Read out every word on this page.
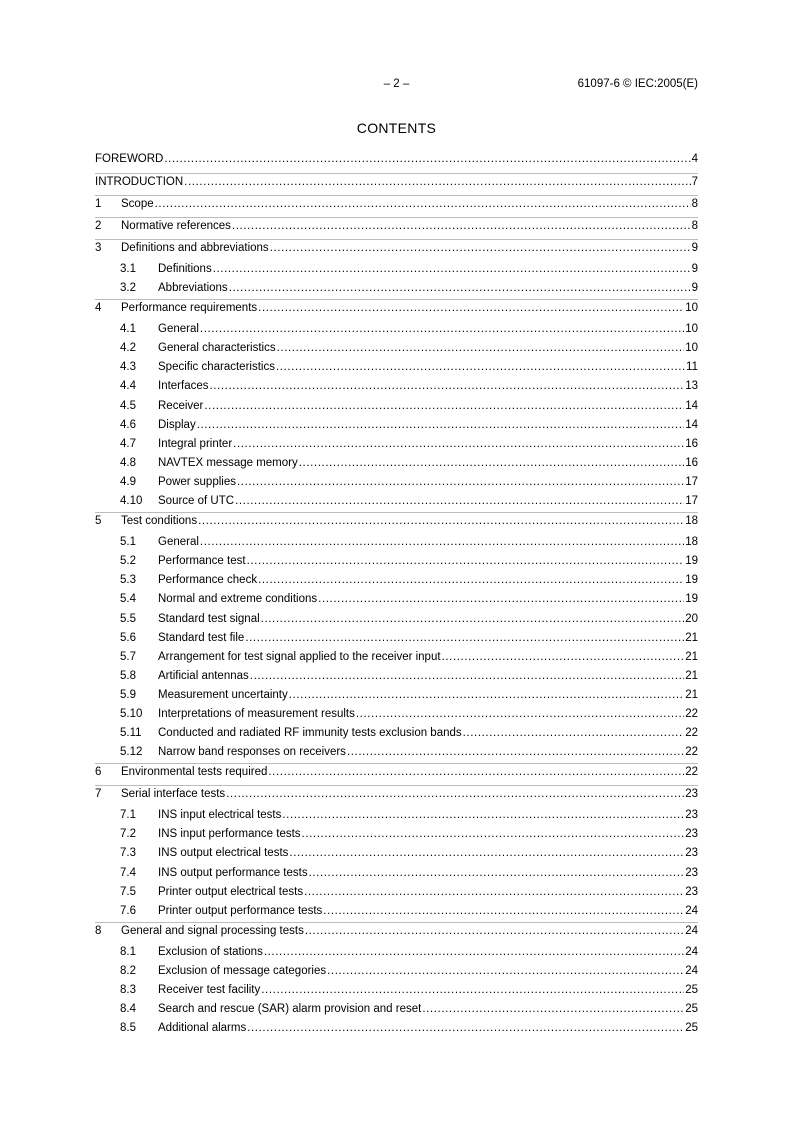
– 2 –	61097-6 © IEC:2005(E)
CONTENTS
FOREWORD .....	4
INTRODUCTION .....	7
1	Scope .....	8
2	Normative references .....	8
3	Definitions and abbreviations .....	9
3.1	Definitions .....	9
3.2	Abbreviations .....	9
4	Performance requirements .....	10
4.1	General .....	10
4.2	General characteristics .....	10
4.3	Specific characteristics .....	11
4.4	Interfaces .....	13
4.5	Receiver .....	14
4.6	Display .....	14
4.7	Integral printer .....	16
4.8	NAVTEX message memory .....	16
4.9	Power supplies .....	17
4.10	Source of UTC .....	17
5	Test conditions .....	18
5.1	General .....	18
5.2	Performance test .....	19
5.3	Performance check .....	19
5.4	Normal and extreme conditions .....	19
5.5	Standard test signal .....	20
5.6	Standard test file .....	21
5.7	Arrangement for test signal applied to the receiver input .....	21
5.8	Artificial antennas .....	21
5.9	Measurement uncertainty .....	21
5.10	Interpretations of measurement results .....	22
5.11	Conducted and radiated RF immunity tests exclusion bands .....	22
5.12	Narrow band responses on receivers .....	22
6	Environmental tests required .....	22
7	Serial interface tests .....	23
7.1	INS input electrical tests .....	23
7.2	INS input performance tests .....	23
7.3	INS output electrical tests .....	23
7.4	INS output performance tests .....	23
7.5	Printer output electrical tests .....	23
7.6	Printer output performance tests .....	24
8	General and signal processing tests .....	24
8.1	Exclusion of stations .....	24
8.2	Exclusion of message categories .....	24
8.3	Receiver test facility .....	25
8.4	Search and rescue (SAR) alarm provision and reset .....	25
8.5	Additional alarms .....	25
